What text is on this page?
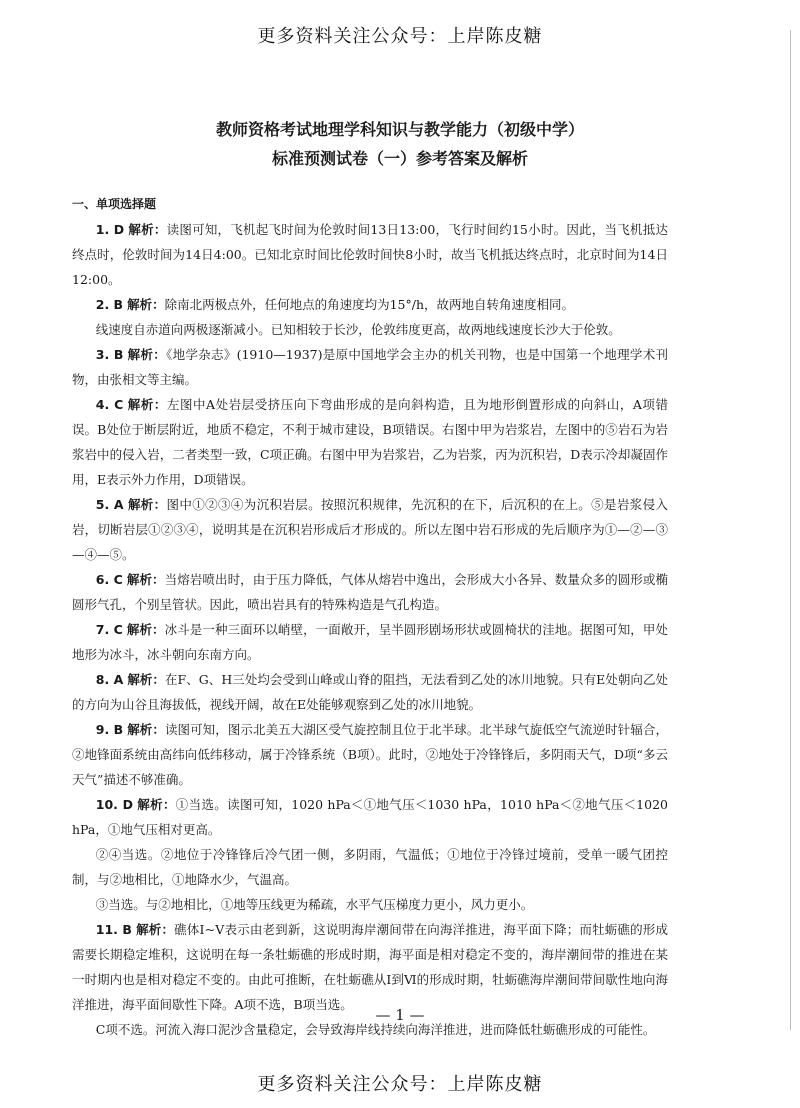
更多资料关注公众号：上岸陈皮糖
教师资格考试地理学科知识与教学能力（初级中学）
标准预测试卷（一）参考答案及解析
一、单项选择题

1. D 解析：读图可知，飞机起飞时间为伦敦时间13日13:00，飞行时间约15小时。因此，当飞机抵达终点时，伦敦时间为14日4:00。已知北京时间比伦敦时间快8小时，故当飞机抵达终点时，北京时间为14日12:00。

2. B 解析：除南北两极点外，任何地点的角速度均为15°/h，故两地自转角速度相同。

线速度自赤道向两极逐渐减小。已知相较于长沙，伦敦纬度更高，故两地线速度长沙大于伦敦。

3. B 解析：《地学杂志》(1910—1937)是原中国地学会主办的机关刊物，也是中国第一个地理学术刊物，由张相文等主编。

4. C 解析：左图中A处岩层受挤压向下弯曲形成的是向斜构造，且为地形倒置形成的向斜山，A项错误。B处位于断层附近，地质不稳定，不利于城市建设，B项错误。右图中甲为岩浆岩，左图中的⑤岩石为岩浆岩中的侵入岩，二者类型一致，C项正确。右图中甲为岩浆岩，乙为岩浆，丙为沉积岩，D表示冷却凝固作用，E表示外力作用，D项错误。

5. A 解析：图中①②③④为沉积岩层。按照沉积规律，先沉积的在下，后沉积的在上。⑤是岩浆侵入岩，切断岩层①②③④，说明其是在沉积岩形成后才形成的。所以左图中岩石形成的先后顺序为①—②—③—④—⑤。

6. C 解析：当熔岩喷出时，由于压力降低，气体从熔岩中逸出，会形成大小各异、数量众多的圆形或椭圆形气孔，个别呈管状。因此，喷出岩具有的特殊构造是气孔构造。

7. C 解析：冰斗是一种三面环以峭壁，一面敞开，呈半圆形剧场形状或圆椅状的洼地。据图可知，甲处地形为冰斗，冰斗朝向东南方向。

8. A 解析：在F、G、H三处均会受到山峰或山脊的阻挡，无法看到乙处的冰川地貌。只有E处朝向乙处的方向为山谷且海拔低，视线开阔，故在E处能够观察到乙处的冰川地貌。

9. B 解析：读图可知，图示北美五大湖区受气旋控制且位于北半球。北半球气旋低空气流逆时针辐合，②地锋面系统由高纬向低纬移动，属于冷锋系统（B项）。此时，②地处于冷锋锋后，多阴雨天气，D项“多云天气”描述不够准确。

10. D 解析：①当选。读图可知，1020 hPa＜①地气压＜1030 hPa，1010 hPa＜②地气压＜1020 hPa，①地气压相对更高。

②④当选。②地位于冷锋锋后冷气团一侧，多阴雨，气温低；①地位于冷锋过境前，受单一暖气团控制，与②地相比，①地降水少，气温高。

③当选。与②地相比，①地等压线更为稀疏，水平气压梯度力更小，风力更小。

11. B 解析：礁体Ⅰ~Ⅴ表示由老到新，这说明海岸潮间带在向海洋推进，海平面下降；而牡蛎礁的形成需要长期稳定堆积，这说明在每一条牡蛎礁的形成时期，海平面是相对稳定不变的，海岸潮间带的推进在某一时期内也是相对稳定不变的。由此可推断，在牡蛎礁从Ⅰ到Ⅵ的形成时期，牡蛎礁海岸潮间带间歇性地向海洋推进，海平面间歇性下降。A项不选，B项当选。

C项不选。河流入海口泥沙含量稳定，会导致海岸线持续向海洋推进，进而降低牡蛎礁形成的可能性。

— 1 —
更多资料关注公众号：上岸陈皮糖
